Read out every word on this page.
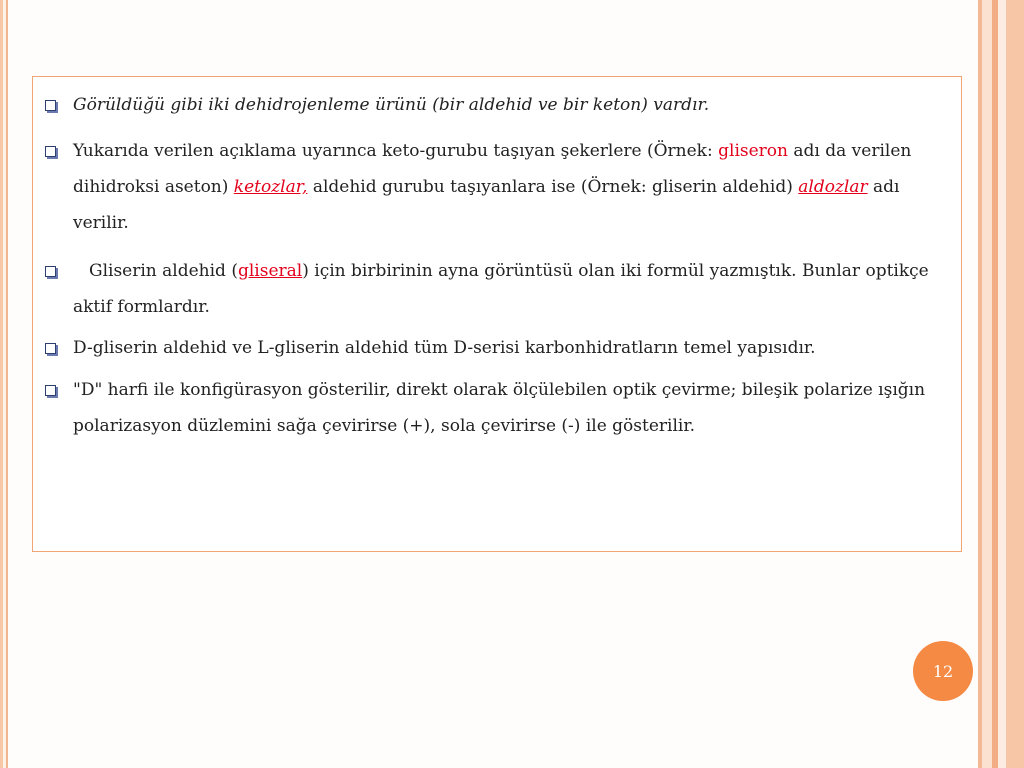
Görüldüğü gibi iki dehidrojenleme ürünü (bir aldehid ve bir keton) vardır.
Yukarıda verilen açıklama uyarınca keto-gurubu taşıyan şekerlere (Örnek: gliseron adı da verilen
dihidroksi aseton) ketozlar, aldehid gurubu taşıyanlara ise (Örnek: gliserin aldehid) aldozlar adı
verilir.
Gliserin aldehid (gliseral) için birbirinin ayna görüntüsü olan iki formül yazmıştık. Bunlar optikçe
aktif formlardır.
D-gliserin aldehid ve L-gliserin aldehid tüm D-serisi karbonhidratların temel yapısıdır.
"D" harfi ile konfigürasyon gösterilir, direkt olarak ölçülebilen optik çevirme; bileşik polarize ışığın
polarizasyon düzlemini sağa çevirirse (+), sola çevirirse (-) ile gösterilir.
12
